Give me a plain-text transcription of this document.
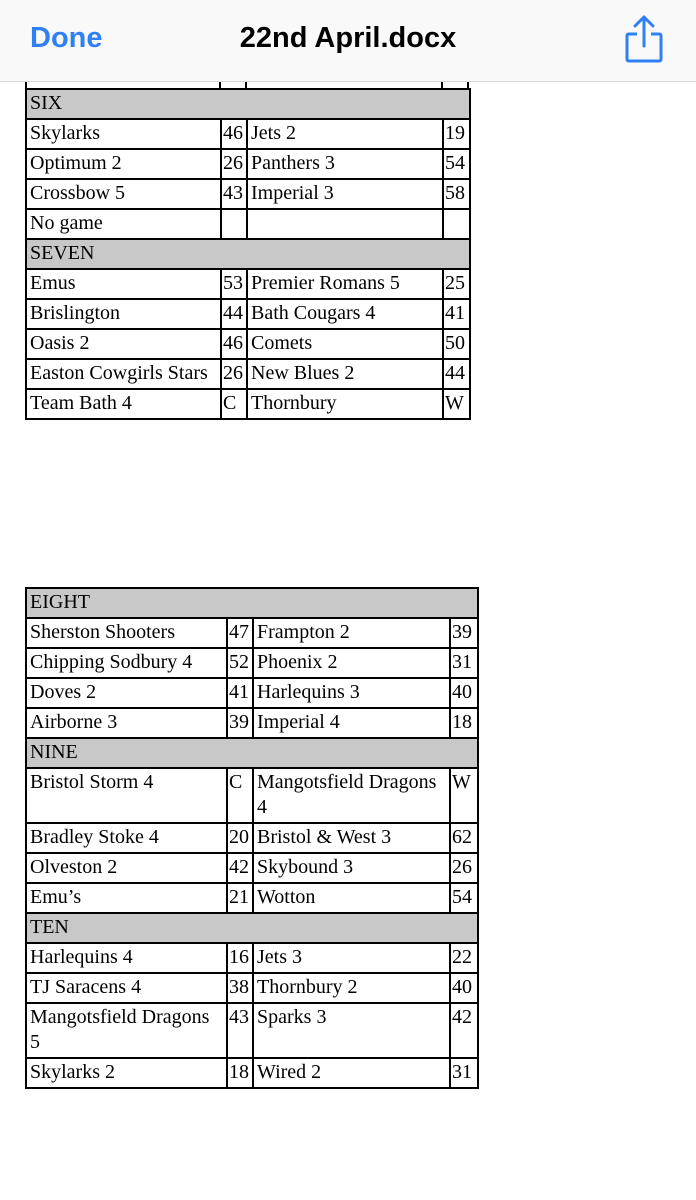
Done	22nd April.docx
SIX			
Skylarks	46	Jets 2	19
Optimum 2	26	Panthers 3	54
Crossbow 5	43	Imperial 3	58
No game			
SEVEN			
Emus	53	Premier Romans 5	25
Brislington	44	Bath Cougars 4	41
Oasis 2	46	Comets	50
Easton Cowgirls Stars	26	New Blues 2	44
Team Bath 4	C	Thornbury	W
EIGHT			
Sherston Shooters	47	Frampton 2	39
Chipping Sodbury 4	52	Phoenix 2	31
Doves 2	41	Harlequins 3	40
Airborne 3	39	Imperial 4	18
NINE			
Bristol Storm 4	C	Mangotsfield Dragons 4	W
Bradley Stoke 4	20	Bristol & West 3	62
Olveston 2	42	Skybound 3	26
Emu’s	21	Wotton	54
TEN			
Harlequins 4	16	Jets 3	22
TJ Saracens 4	38	Thornbury 2	40
Mangotsfield Dragons 5	43	Sparks 3	42
Skylarks 2	18	Wired 2	31
